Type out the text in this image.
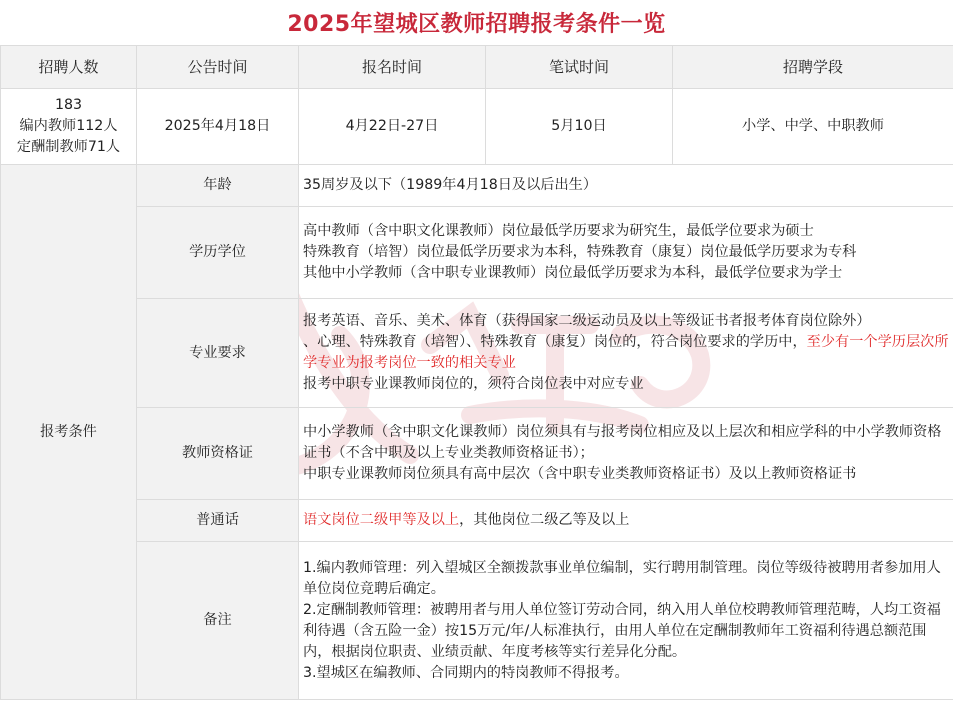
2025年望城区教师招聘报考条件一览
招聘人数	公告时间	报名时间	笔试时间	招聘学段

183
编内教师112人
定酬制教师71人	2025年4月18日	4月22日-27日	5月10日	小学、中学、中职教师
报考条件	年龄	35周岁及以下（1989年4月18日及以后出生）		
	学历学位	高中教师（含中职文化课教师）岗位最低学历要求为研究生，最低学位要求为硕士
特殊教育（培智）岗位最低学历要求为本科，特殊教育（康复）岗位最低学历要求为专科
其他中小学教师（含中职专业课教师）岗位最低学历要求为本科，最低学位要求为学士		

	专业要求	报考英语、音乐、美术、体育（获得国家二级运动员及以上等级证书者报考体育岗位除外）
、心理、特殊教育（培智）、特殊教育（康复）岗位的，符合岗位要求的学历中，至少有一个学历层次所学专业为报考岗位一致的相关专业
报考中职专业课教师岗位的，须符合岗位表中对应专业		

	教师资格证	中小学教师（含中职文化课教师）岗位须具有与报考岗位相应及以上层次和相应学科的中小学教师资格证书（不含中职及以上专业类教师资格证书）；
中职专业课教师岗位须具有高中层次（含中职专业类教师资格证书）及以上教师资格证书		

	普通话	语文岗位二级甲等及以上，其他岗位二级乙等及以上		
	备注	1.编内教师管理：列入望城区全额拨款事业单位编制，实行聘用制管理。岗位等级待被聘用者参加用人单位岗位竞聘后确定。
2.定酬制教师管理：被聘用者与用人单位签订劳动合同，纳入用人单位校聘教师管理范畴，人均工资福利待遇（含五险一金）按15万元/年/人标准执行，由用人单位在定酬制教师年工资福利待遇总额范围内，根据岗位职责、业绩贡献、年度考核等实行差异化分配。
3.望城区在编教师、合同期内的特岗教师不得报考。		
